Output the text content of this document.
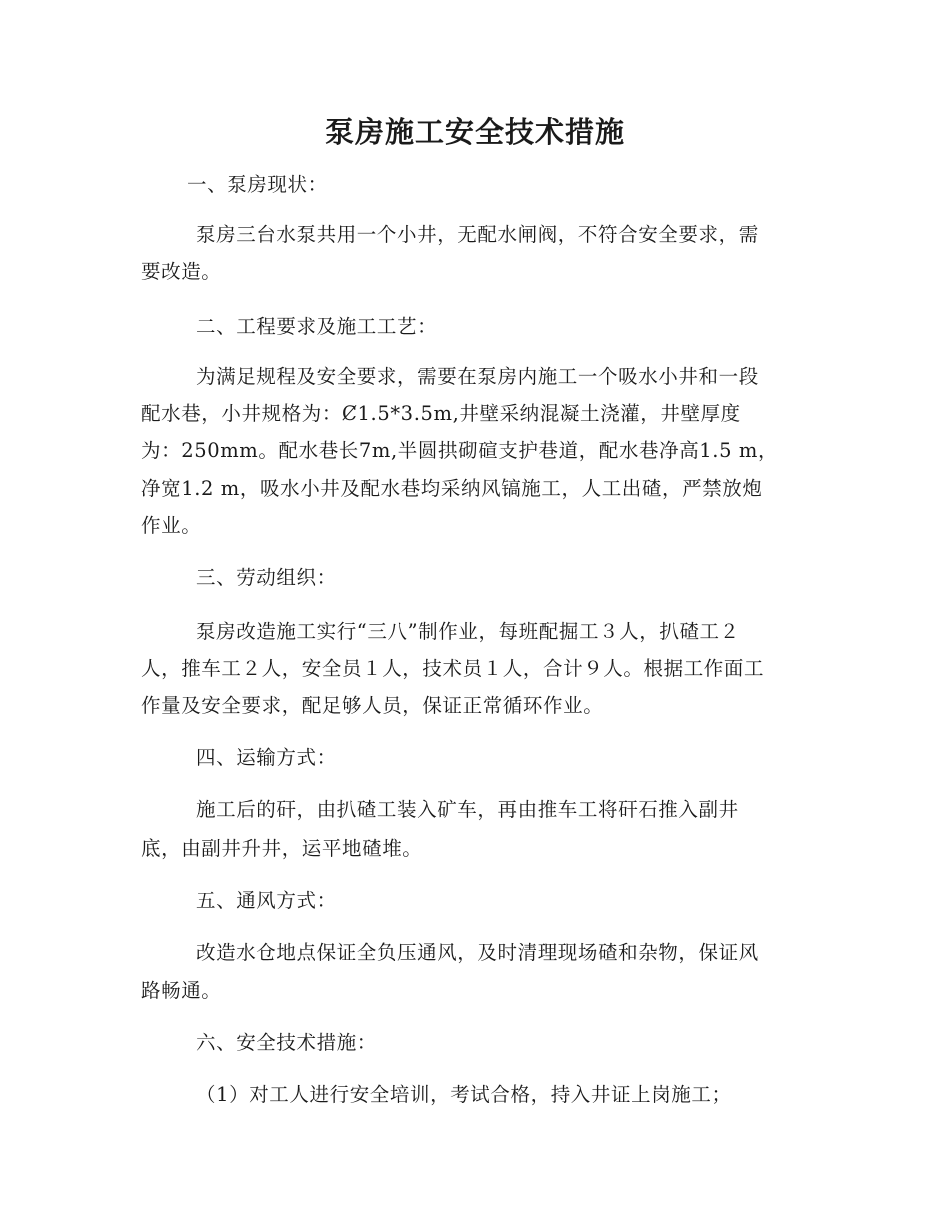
泵房施工安全技术措施
一、泵房现状：
泵房三台水泵共用一个小井，无配水闸阀，不符合安全要求，需
要改造。
二、工程要求及施工工艺：
为满足规程及安全要求，需要在泵房内施工一个吸水小井和一段
配水巷，小井规格为：Ȼ1.5*3.5m,井壁采纳混凝土浇灌，井壁厚度
为：250mm。配水巷长7m,半圆拱砌碹支护巷道，配水巷净高1.5 m，
净宽1.2 m，吸水小井及配水巷均采纳风镐施工，人工出碴，严禁放炮
作业。
三、劳动组织：
泵房改造施工实行“三八”制作业，每班配掘工３人，扒碴工２
人，推车工２人，安全员１人，技术员１人，合计９人。根据工作面工
作量及安全要求，配足够人员，保证正常循环作业。
四、运输方式：
施工后的矸，由扒碴工装入矿车，再由推车工将矸石推入副井
底，由副井升井，运平地碴堆。
五、通风方式：
改造水仓地点保证全负压通风，及时清理现场碴和杂物，保证风
路畅通。
六、安全技术措施：
（1）对工人进行安全培训，考试合格，持入井证上岗施工；
